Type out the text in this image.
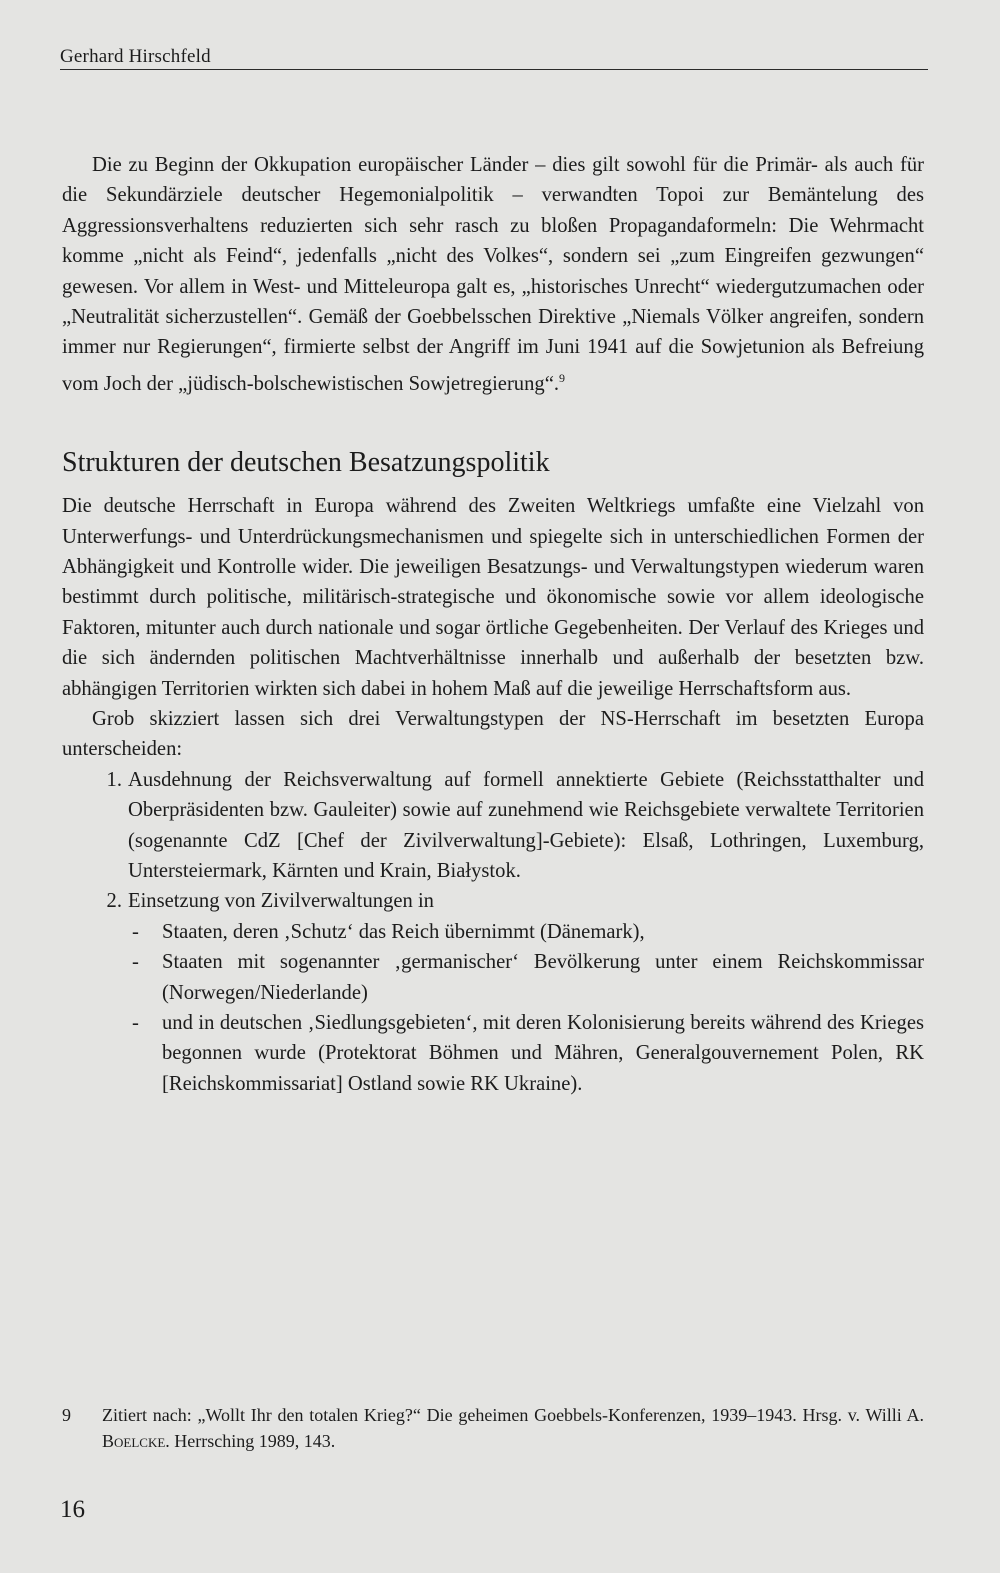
Gerhard Hirschfeld

Die zu Beginn der Okkupation europäischer Länder – dies gilt sowohl für die Primär- als auch für die Sekundärziele deutscher Hegemonialpolitik – verwandten Topoi zur Bemäntelung des Aggressionsverhaltens reduzierten sich sehr rasch zu bloßen Propagandaformeln: Die Wehrmacht komme „nicht als Feind“, jedenfalls „nicht des Volkes“, sondern sei „zum Eingreifen gezwungen“ gewesen. Vor allem in West- und Mitteleuropa galt es, „historisches Unrecht“ wiedergutzumachen oder „Neutralität sicherzustellen“. Gemäß der Goebbelsschen Direktive „Niemals Völker angreifen, sondern immer nur Regierungen“, firmierte selbst der Angriff im Juni 1941 auf die Sowjetunion als Befreiung vom Joch der „jüdisch-bolschewistischen Sowjetregierung“.$^9$

Strukturen der deutschen Besatzungspolitik

Die deutsche Herrschaft in Europa während des Zweiten Weltkriegs umfaßte eine Vielzahl von Unterwerfungs- und Unterdrückungsmechanismen und spiegelte sich in unterschiedlichen Formen der Abhängigkeit und Kontrolle wider. Die jeweiligen Besatzungs- und Verwaltungstypen wiederum waren bestimmt durch politische, militärisch-strategische und ökonomische sowie vor allem ideologische Faktoren, mitunter auch durch nationale und sogar örtliche Gegebenheiten. Der Verlauf des Krieges und die sich ändernden politischen Machtverhältnisse innerhalb und außerhalb der besetzten bzw. abhängigen Territorien wirkten sich dabei in hohem Maß auf die jeweilige Herrschaftsform aus.

Grob skizziert lassen sich drei Verwaltungstypen der NS-Herrschaft im besetzten Europa unterscheiden:

1. Ausdehnung der Reichsverwaltung auf formell annektierte Gebiete (Reichsstatthalter und Oberpräsidenten bzw. Gauleiter) sowie auf zunehmend wie Reichsgebiete verwaltete Territorien (sogenannte CdZ [Chef der Zivilverwaltung]-Gebiete): Elsaß, Lothringen, Luxemburg, Untersteiermark, Kärnten und Krain, Białystok.
2. Einsetzung von Zivilverwaltungen in
-	Staaten, deren ‚Schutz‘ das Reich übernimmt (Dänemark),
-	Staaten mit sogenannter ‚germanischer‘ Bevölkerung unter einem Reichskommissar (Norwegen/Niederlande)
-	und in deutschen ‚Siedlungsgebieten‘, mit deren Kolonisierung bereits während des Krieges begonnen wurde (Protektorat Böhmen und Mähren, Generalgouvernement Polen, RK [Reichskommissariat] Ostland sowie RK Ukraine).
9	Zitiert nach: „Wollt Ihr den totalen Krieg?“ Die geheimen Goebbels-Konferenzen, 1939–1943. Hrsg. v. Willi A. Boelcke. Herrsching 1989, 143.
16
